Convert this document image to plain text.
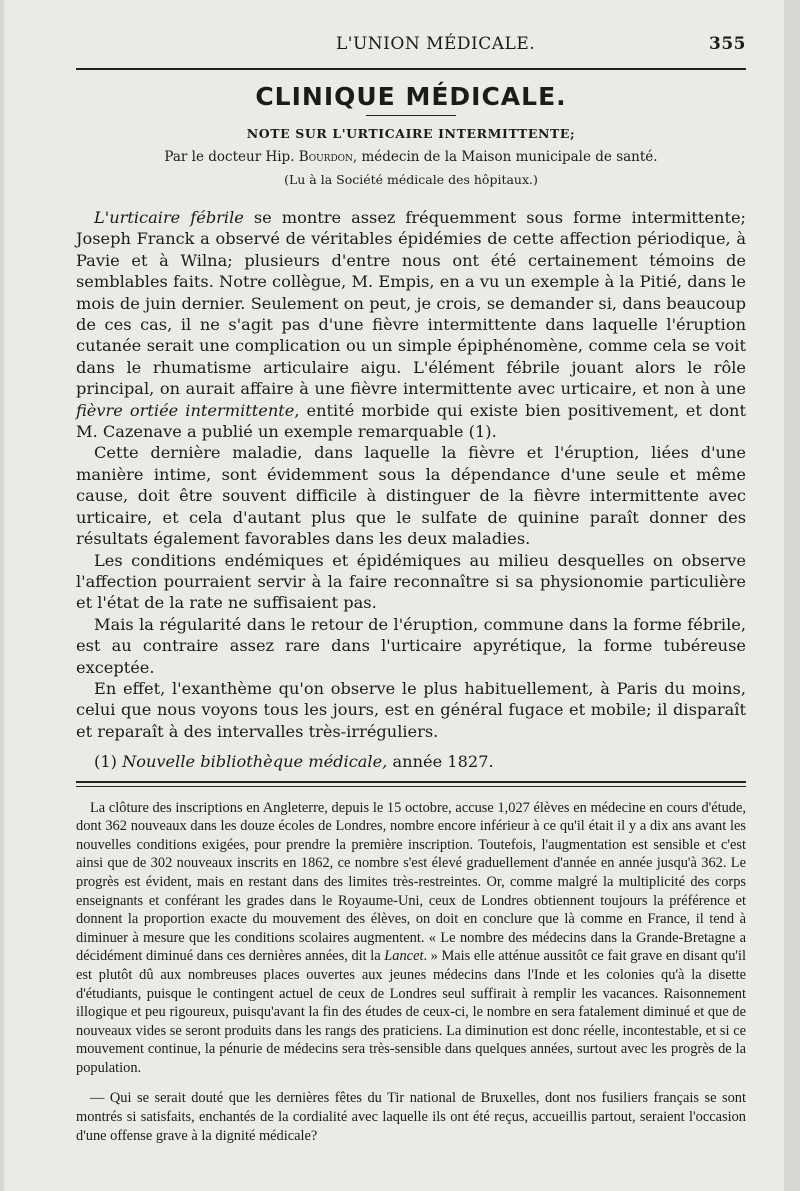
L'UNION MÉDICALE.	355
CLINIQUE MÉDICALE.
NOTE SUR L'URTICAIRE INTERMITTENTE;
Par le docteur Hip. Bourdon, médecin de la Maison municipale de santé.
(Lu à la Société médicale des hôpitaux.)

L'urticaire fébrile se montre assez fréquemment sous forme intermittente; Joseph Franck a observé de véritables épidémies de cette affection périodique, à Pavie et à Wilna; plusieurs d'entre nous ont été certainement témoins de semblables faits. Notre collègue, M. Empis, en a vu un exemple à la Pitié, dans le mois de juin dernier. Seulement on peut, je crois, se demander si, dans beaucoup de ces cas, il ne s'agit pas d'une fièvre intermittente dans laquelle l'éruption cutanée serait une complication ou un simple épiphénomène, comme cela se voit dans le rhumatisme articulaire aigu. L'élément fébrile jouant alors le rôle principal, on aurait affaire à une fièvre intermittente avec urticaire, et non à une fièvre ortiée intermittente, entité morbide qui existe bien positivement, et dont M. Cazenave a publié un exemple remarquable (1).

Cette dernière maladie, dans laquelle la fièvre et l'éruption, liées d'une manière intime, sont évidemment sous la dépendance d'une seule et même cause, doit être souvent difficile à distinguer de la fièvre intermittente avec urticaire, et cela d'autant plus que le sulfate de quinine paraît donner des résultats également favorables dans les deux maladies.

Les conditions endémiques et épidémiques au milieu desquelles on observe l'affection pourraient servir à la faire reconnaître si sa physionomie particulière et l'état de la rate ne suffisaient pas.

Mais la régularité dans le retour de l'éruption, commune dans la forme fébrile, est au contraire assez rare dans l'urticaire apyrétique, la forme tubéreuse exceptée.

En effet, l'exanthème qu'on observe le plus habituellement, à Paris du moins, celui que nous voyons tous les jours, est en général fugace et mobile; il disparaît et reparaît à des intervalles très-irréguliers.

(1) Nouvelle bibliothèque médicale, année 1827.

La clôture des inscriptions en Angleterre, depuis le 15 octobre, accuse 1,027 élèves en médecine en cours d'étude, dont 362 nouveaux dans les douze écoles de Londres, nombre encore inférieur à ce qu'il était il y a dix ans avant les nouvelles conditions exigées, pour prendre la première inscription. Toutefois, l'augmentation est sensible et c'est ainsi que de 302 nouveaux inscrits en 1862, ce nombre s'est élevé graduellement d'année en année jusqu'à 362. Le progrès est évident, mais en restant dans des limites très-restreintes. Or, comme malgré la multiplicité des corps enseignants et conférant les grades dans le Royaume-Uni, ceux de Londres obtiennent toujours la préférence et donnent la proportion exacte du mouvement des élèves, on doit en conclure que là comme en France, il tend à diminuer à mesure que les conditions scolaires augmentent. « Le nombre des médecins dans la Grande-Bretagne a décidément diminué dans ces dernières années, dit la Lancet. » Mais elle atténue aussitôt ce fait grave en disant qu'il est plutôt dû aux nombreuses places ouvertes aux jeunes médecins dans l'Inde et les colonies qu'à la disette d'étudiants, puisque le contingent actuel de ceux de Londres seul suffirait à remplir les vacances. Raisonnement illogique et peu rigoureux, puisqu'avant la fin des études de ceux-ci, le nombre en sera fatalement diminué et que de nouveaux vides se seront produits dans les rangs des praticiens. La diminution est donc réelle, incontestable, et si ce mouvement continue, la pénurie de médecins sera très-sensible dans quelques années, surtout avec les progrès de la population.

— Qui se serait douté que les dernières fêtes du Tir national de Bruxelles, dont nos fusiliers français se sont montrés si satisfaits, enchantés de la cordialité avec laquelle ils ont été reçus, accueillis partout, seraient l'occasion d'une offense grave à la dignité médicale?
